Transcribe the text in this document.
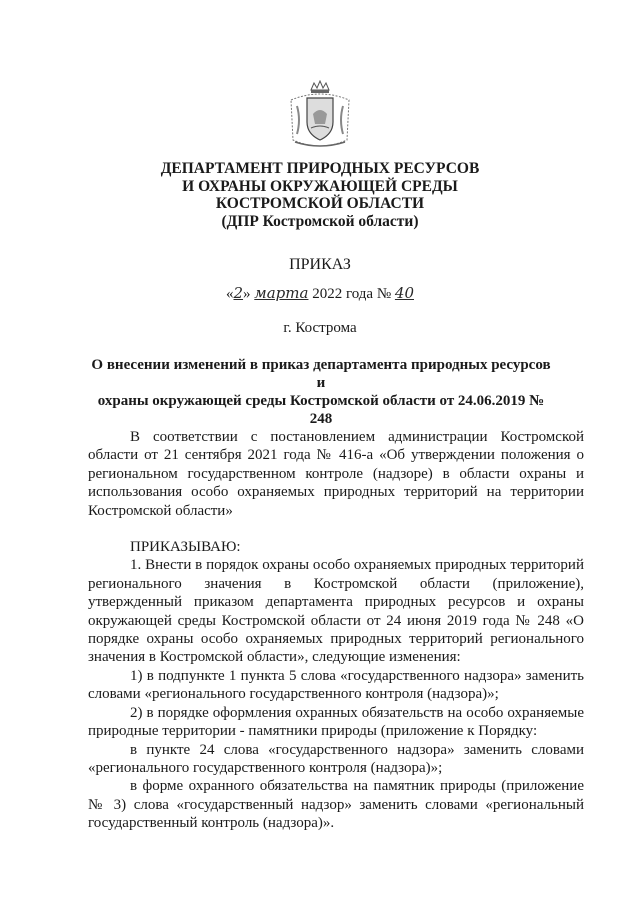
ДЕПАРТАМЕНТ ПРИРОДНЫХ РЕСУРСОВ
И ОХРАНЫ ОКРУЖАЮЩЕЙ СРЕДЫ
КОСТРОМСКОЙ ОБЛАСТИ
(ДПР Костромской области)
ПРИКАЗ
«2» марта 2022 года № 40
г. Кострома
О внесении изменений в приказ департамента природных ресурсов и
охраны окружающей среды Костромской области от 24.06.2019 № 248

В соответствии с постановлением администрации Костромской области от 21 сентября 2021 года № 416-а «Об утверждении положения о региональном государственном контроле (надзоре) в области охраны и использования особо охраняемых природных территорий на территории Костромской области»

ПРИКАЗЫВАЮ:

1. Внести в порядок охраны особо охраняемых природных территорий регионального значения в Костромской области (приложение), утвержденный приказом департамента природных ресурсов и охраны окружающей среды Костромской области от 24 июня 2019 года № 248 «О порядке охраны особо охраняемых природных территорий регионального значения в Костромской области», следующие изменения:

1) в подпункте 1 пункта 5 слова «государственного надзора» заменить словами «регионального государственного контроля (надзора)»;

2) в порядке оформления охранных обязательств на особо охраняемые природные территории - памятники природы (приложение к Порядку:

в пункте 24 слова «государственного надзора» заменить словами «регионального государственного контроля (надзора)»;

в форме охранного обязательства на памятник природы (приложение № 3) слова «государственный надзор» заменить словами «региональный государственный контроль (надзора)».
